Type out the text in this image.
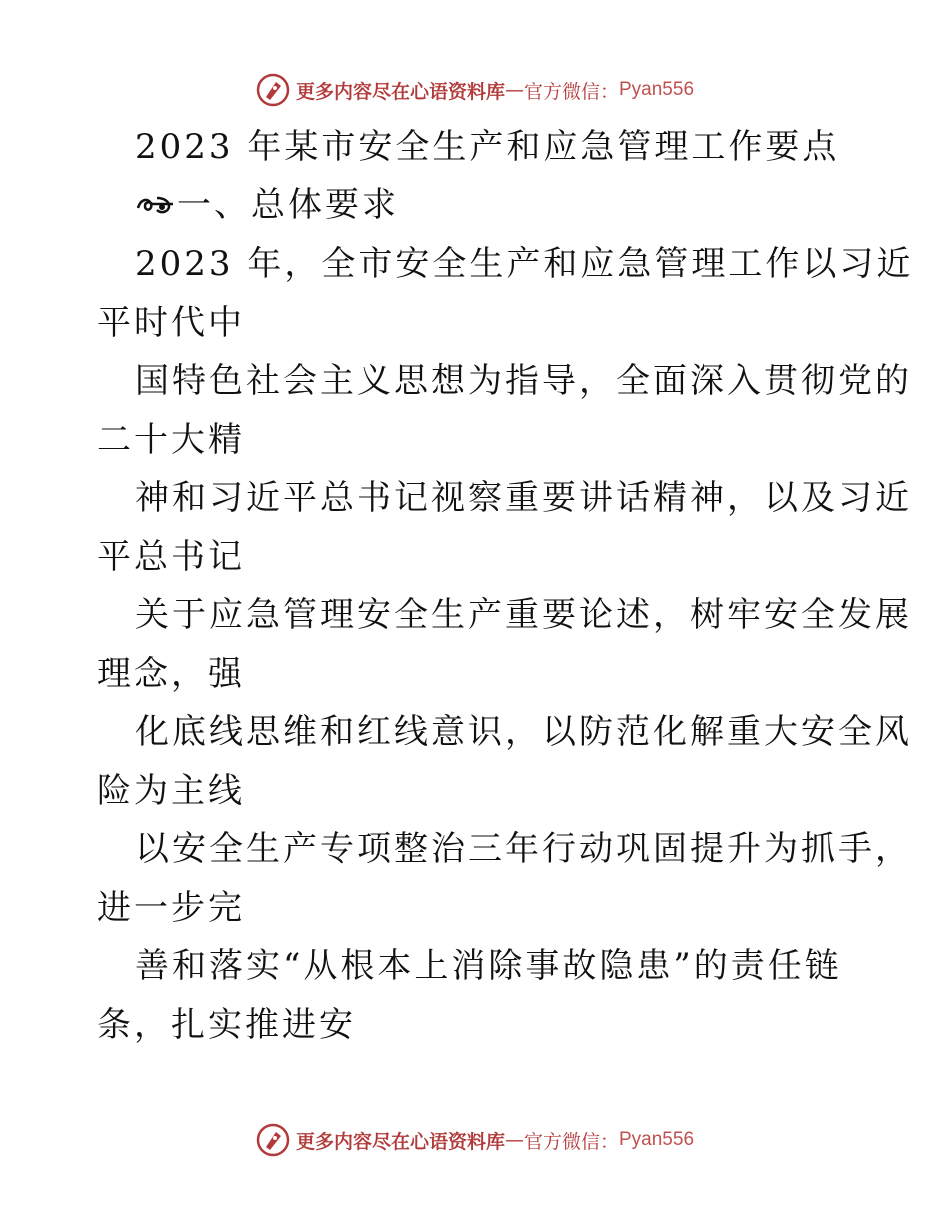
更多内容尽在心语资料库 — 官方微信： Pyan556
2023 年某市安全生产和应急管理工作要点
一、总体要求
2023 年，全市安全生产和应急管理工作以习近
平时代中
国特色社会主义思想为指导，全面深入贯彻党的
二十大精
神和习近平总书记视察重要讲话精神，以及习近
平总书记
关于应急管理安全生产重要论述，树牢安全发展
理念，强
化底线思维和红线意识，以防范化解重大安全风
险为主线
以安全生产专项整治三年行动巩固提升为抓手，
进一步完
善和落实“从根本上消除事故隐患”的责任链
条，扎实推进安
更多内容尽在心语资料库 — 官方微信： Pyan556
